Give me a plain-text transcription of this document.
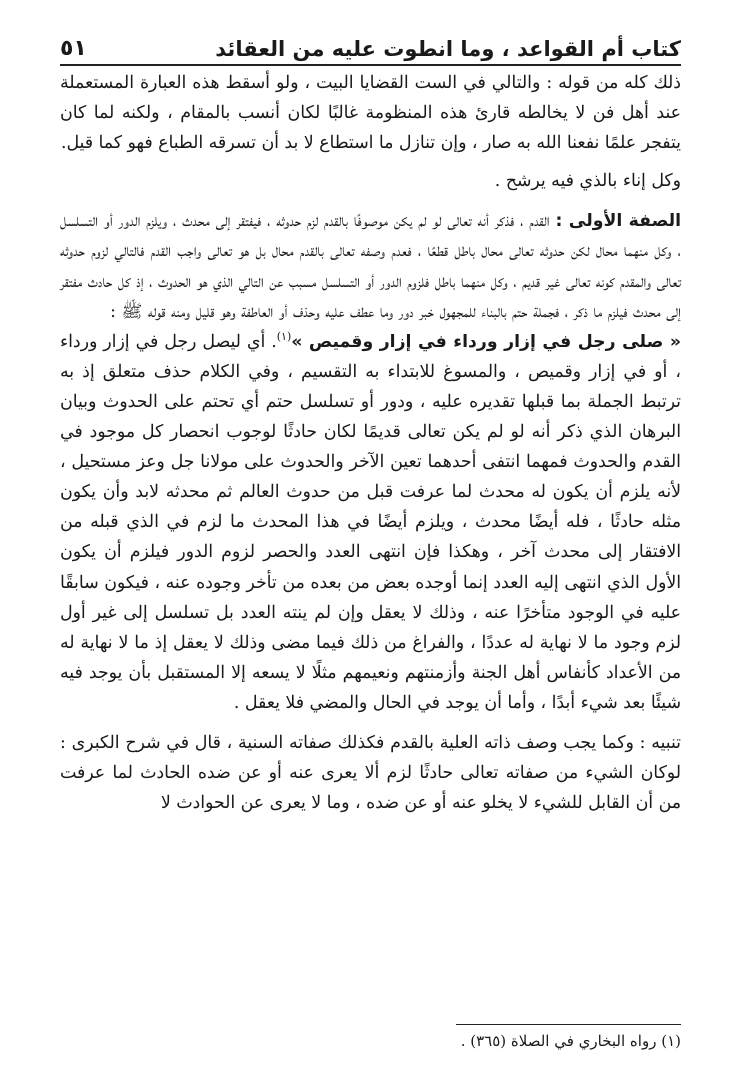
٥١	كتاب أم القواعد ، وما انطوت عليه من العقائد

ذلك كله من قوله : والتالي في الست القضايا البيت ، ولو أسقط هذه العبارة المستعملة عند أهل فن لا يخالطه قارئ هذه المنظومة غالبًا لكان أنسب بالمقام ، ولكنه لما كان يتفجر علمًا نفعنا الله به صار ، وإن تنازل ما استطاع لا بد أن تسرقه الطباع فهو كما قيل.

وكل إناء بالذي فيه يرشح .

الصفة الأولى : القدم ، فذكر أنه تعالى لو لم يكن موصوفًا بالقدم لزم حدوثه ، فيفتقر إلى محدث ، ويلزم الدور أو التسلسل ، وكل منهما محال لكن حدوثه تعالى محال باطل قطعًا ، فعدم وصفه تعالى بالقدم محال بل هو تعالى واجب القدم فالتالي لزوم حدوثه تعالى والمقدم كونه تعالى غير قديم ، وكل منهما باطل فلزوم الدور أو التسلسل مسبب عن التالي الذي هو الحدوث ، إذ كل حادث مفتقر إلى محدث فيلزم ما ذكر ، فجملة حتم بالبناء للمجهول خبر دور وما عطف عليه وحذف أو العاطفة وهو قليل ومنه قوله ﷺ :
« صلى رجل في إزار ورداء في إزار وقميص »$^{(١)}$. أي ليصل رجل في إزار ورداء ، أو في إزار وقميص ، والمسوغ للابتداء به التقسيم ، وفي الكلام حذف متعلق إذ به ترتبط الجملة بما قبلها تقديره عليه ، ودور أو تسلسل حتم أي تحتم على الحدوث وبيان البرهان الذي ذكر أنه لو لم يكن تعالى قديمًا لكان حادثًا لوجوب انحصار كل موجود في القدم والحدوث فمهما انتفى أحدهما تعين الآخر والحدوث على مولانا جل وعز مستحيل ، لأنه يلزم أن يكون له محدث لما عرفت قبل من حدوث العالم ثم محدثه لابد وأن يكون مثله حادثًا ، فله أيضًا محدث ، ويلزم أيضًا في هذا المحدث ما لزم في الذي قبله من الافتقار إلى محدث آخر ، وهكذا فإن انتهى العدد والحصر لزوم الدور فيلزم أن يكون الأول الذي انتهى إليه العدد إنما أوجده بعض من بعده من تأخر وجوده عنه ، فيكون سابقًا عليه في الوجود متأخرًا عنه ، وذلك لا يعقل وإن لم ينته العدد بل تسلسل إلى غير أول لزم وجود ما لا نهاية له عددًا ، والفراغ من ذلك فيما مضى وذلك لا يعقل إذ ما لا نهاية له من الأعداد كأنفاس أهل الجنة وأزمنتهم ونعيمهم مثلًا لا يسعه إلا المستقبل بأن يوجد فيه شيئًا بعد شيء أبدًا ، وأما أن يوجد في الحال والمضي فلا يعقل .

تنبيه : وكما يجب وصف ذاته العلية بالقدم فكذلك صفاته السنية ، قال في شرح الكبرى : لوكان الشيء من صفاته تعالى حادثًا لزم ألا يعرى عنه أو عن ضده الحادث لما عرفت من أن القابل للشيء لا يخلو عنه أو عن ضده ، وما لا يعرى عن الحوادث لا

(١) رواه البخاري في الصلاة (٣٦٥) .
